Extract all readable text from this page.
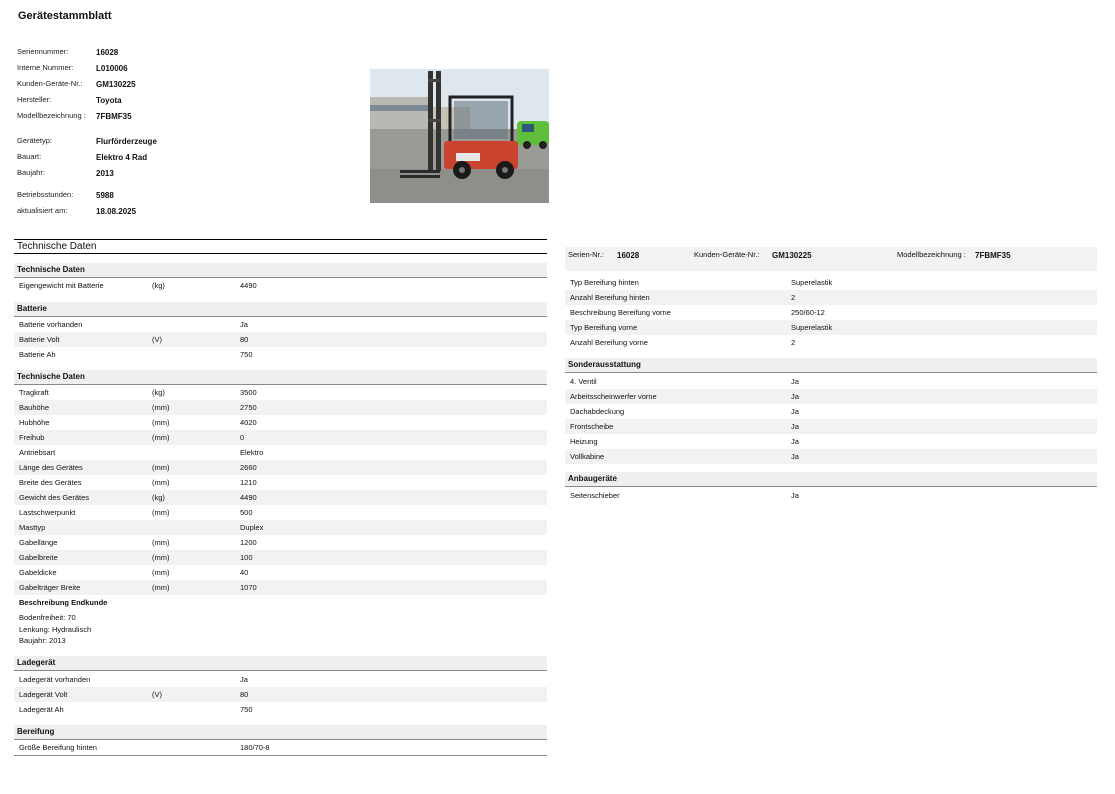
Gerätestammblatt
Seriennummer:	16028
Interne Nummer:	L010006
Kunden-Geräte-Nr.:	GM130225
Hersteller:	Toyota
Modellbezeichnung :	7FBMF35
Gerätetyp:	Flurförderzeuge
Bauart:	Elektro 4 Rad
Baujahr:	2013
Betriebsstunden:	5988
aktualisiert am:	18.08.2025
Technische Daten
Technische Daten
Eigengewicht mit Batterie	(kg)	4490
Batterie
Batterie vorhanden	Ja
Batterie Volt	(V)	80
Batterie Ah	750
Technische Daten
Tragkraft	(kg)	3500
Bauhöhe	(mm)	2750
Hubhöhe	(mm)	4020
Freihub	(mm)	0
Antriebsart	Elektro
Länge des Gerätes	(mm)	2660
Breite des Gerätes	(mm)	1210
Gewicht des Gerätes	(kg)	4490
Lastschwerpunkt	(mm)	500
Masttyp	Duplex
Gabellänge	(mm)	1200
Gabelbreite	(mm)	100
Gabeldicke	(mm)	40
Gabelträger Breite	(mm)	1070
Beschreibung Endkunde
Bodenfreiheit: 70
Lenkung: Hydraulisch
Baujahr: 2013
Ladegerät
Ladegerät vorhanden	Ja
Ladegerät Volt	(V)	80
Ladegerät Ah	750
Bereifung
Größe Bereifung hinten	180/70-8
Typ Bereifung hinten	Superelastik
Anzahl Bereifung hinten	2
Beschreibung Bereifung vorne	250/60-12
Typ Bereifung vorne	Superelastik
Anzahl Bereifung vorne	2
Sonderausstattung
4. Ventil	Ja
Arbeitsscheinwerfer vorne	Ja
Dachabdeckung	Ja
Frontscheibe	Ja
Heizung	Ja
Vollkabine	Ja
Anbaugeräte
Seitenschieber	Ja
Serien-Nr.: 16028	Kunden-Geräte-Nr.: GM130225	Modellbezeichnung :	7FBMF35
